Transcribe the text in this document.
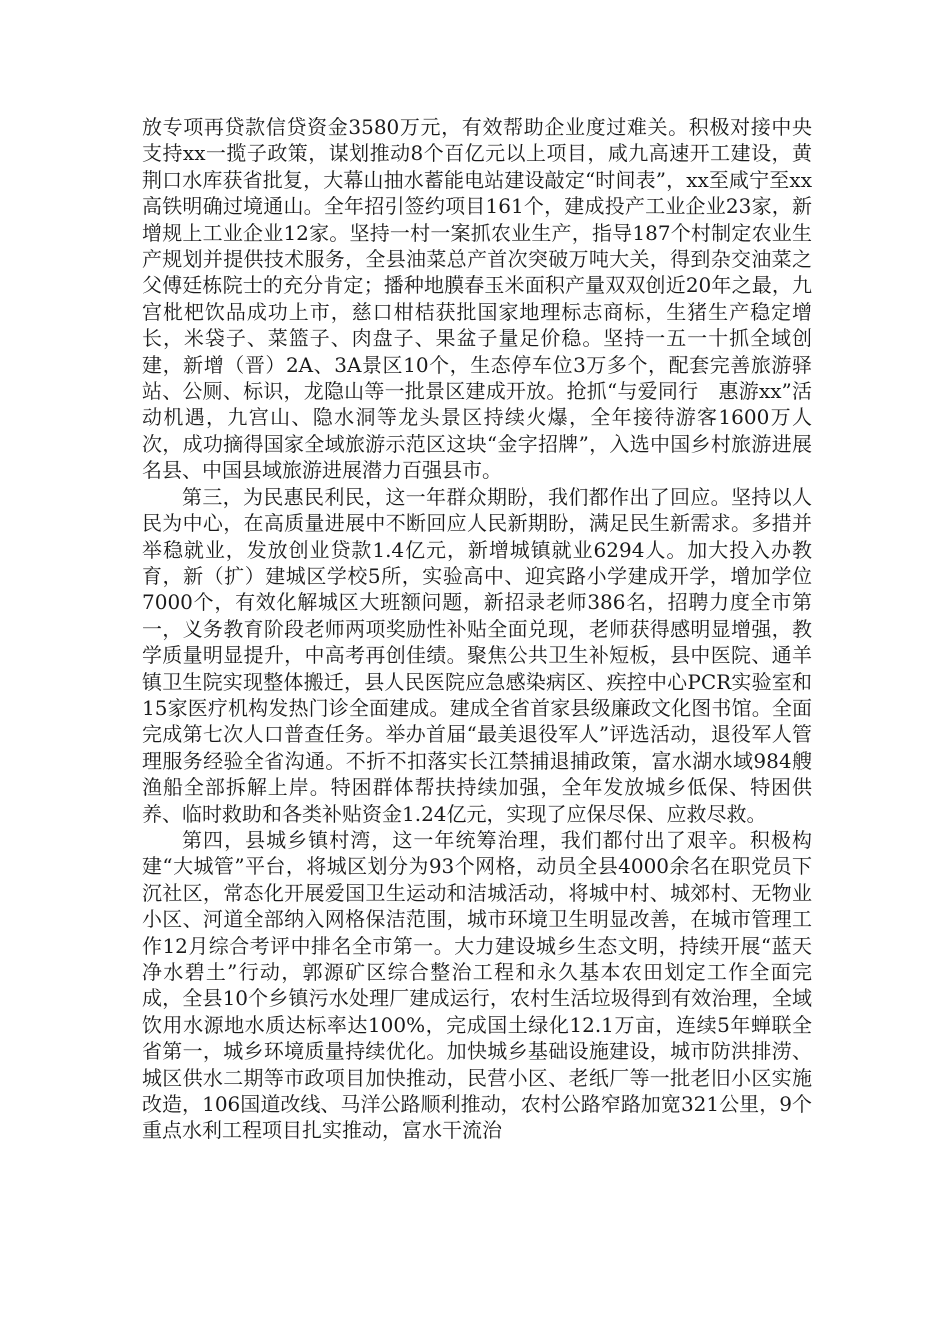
放专项再贷款信贷资金3580万元，有效帮助企业度过难关。积极对接中央支持xx一揽子政策，谋划推动8个百亿元以上项目，咸九高速开工建设，黄荆口水库获省批复，大幕山抽水蓄能电站建设敲定“时间表”，xx至咸宁至xx高铁明确过境通山。全年招引签约项目161个，建成投产工业企业23家，新增规上工业企业12家。坚持一村一案抓农业生产，指导187个村制定农业生产规划并提供技术服务，全县油菜总产首次突破万吨大关，得到杂交油菜之父傅廷栋院士的充分肯定；播种地膜春玉米面积产量双双创近20年之最，九宫枇杷饮品成功上市，慈口柑桔获批国家地理标志商标，生猪生产稳定增长，米袋子、菜篮子、肉盘子、果盆子量足价稳。坚持一五一十抓全域创建，新增（晋）2A、3A景区10个，生态停车位3万多个，配套完善旅游驿站、公厕、标识，龙隐山等一批景区建成开放。抢抓“与爱同行　惠游xx”活动机遇，九宫山、隐水洞等龙头景区持续火爆，全年接待游客1600万人次，成功摘得国家全域旅游示范区这块“金字招牌”，入选中国乡村旅游进展名县、中国县域旅游进展潜力百强县市。

第三，为民惠民利民，这一年群众期盼，我们都作出了回应。坚持以人民为中心，在高质量进展中不断回应人民新期盼，满足民生新需求。多措并举稳就业，发放创业贷款1.4亿元，新增城镇就业6294人。加大投入办教育，新（扩）建城区学校5所，实验高中、迎宾路小学建成开学，增加学位7000个，有效化解城区大班额问题，新招录老师386名，招聘力度全市第一，义务教育阶段老师两项奖励性补贴全面兑现，老师获得感明显增强，教学质量明显提升，中高考再创佳绩。聚焦公共卫生补短板，县中医院、通羊镇卫生院实现整体搬迁，县人民医院应急感染病区、疾控中心PCR实验室和15家医疗机构发热门诊全面建成。建成全省首家县级廉政文化图书馆。全面完成第七次人口普查任务。举办首届“最美退役军人”评选活动，退役军人管理服务经验全省沟通。不折不扣落实长江禁捕退捕政策，富水湖水域984艘渔船全部拆解上岸。特困群体帮扶持续加强，全年发放城乡低保、特困供养、临时救助和各类补贴资金1.24亿元，实现了应保尽保、应救尽救。

第四，县城乡镇村湾，这一年统筹治理，我们都付出了艰辛。积极构建“大城管”平台，将城区划分为93个网格，动员全县4000余名在职党员下沉社区，常态化开展爱国卫生运动和洁城活动，将城中村、城郊村、无物业小区、河道全部纳入网格保洁范围，城市环境卫生明显改善，在城市管理工作12月综合考评中排名全市第一。大力建设城乡生态文明，持续开展“蓝天净水碧土”行动，郭源矿区综合整治工程和永久基本农田划定工作全面完成，全县10个乡镇污水处理厂建成运行，农村生活垃圾得到有效治理，全域饮用水源地水质达标率达100%，完成国土绿化12.1万亩，连续5年蝉联全省第一，城乡环境质量持续优化。加快城乡基础设施建设，城市防洪排涝、城区供水二期等市政项目加快推动，民营小区、老纸厂等一批老旧小区实施改造，106国道改线、马洋公路顺利推动，农村公路窄路加宽321公里，9个重点水利工程项目扎实推动，富水干流治
